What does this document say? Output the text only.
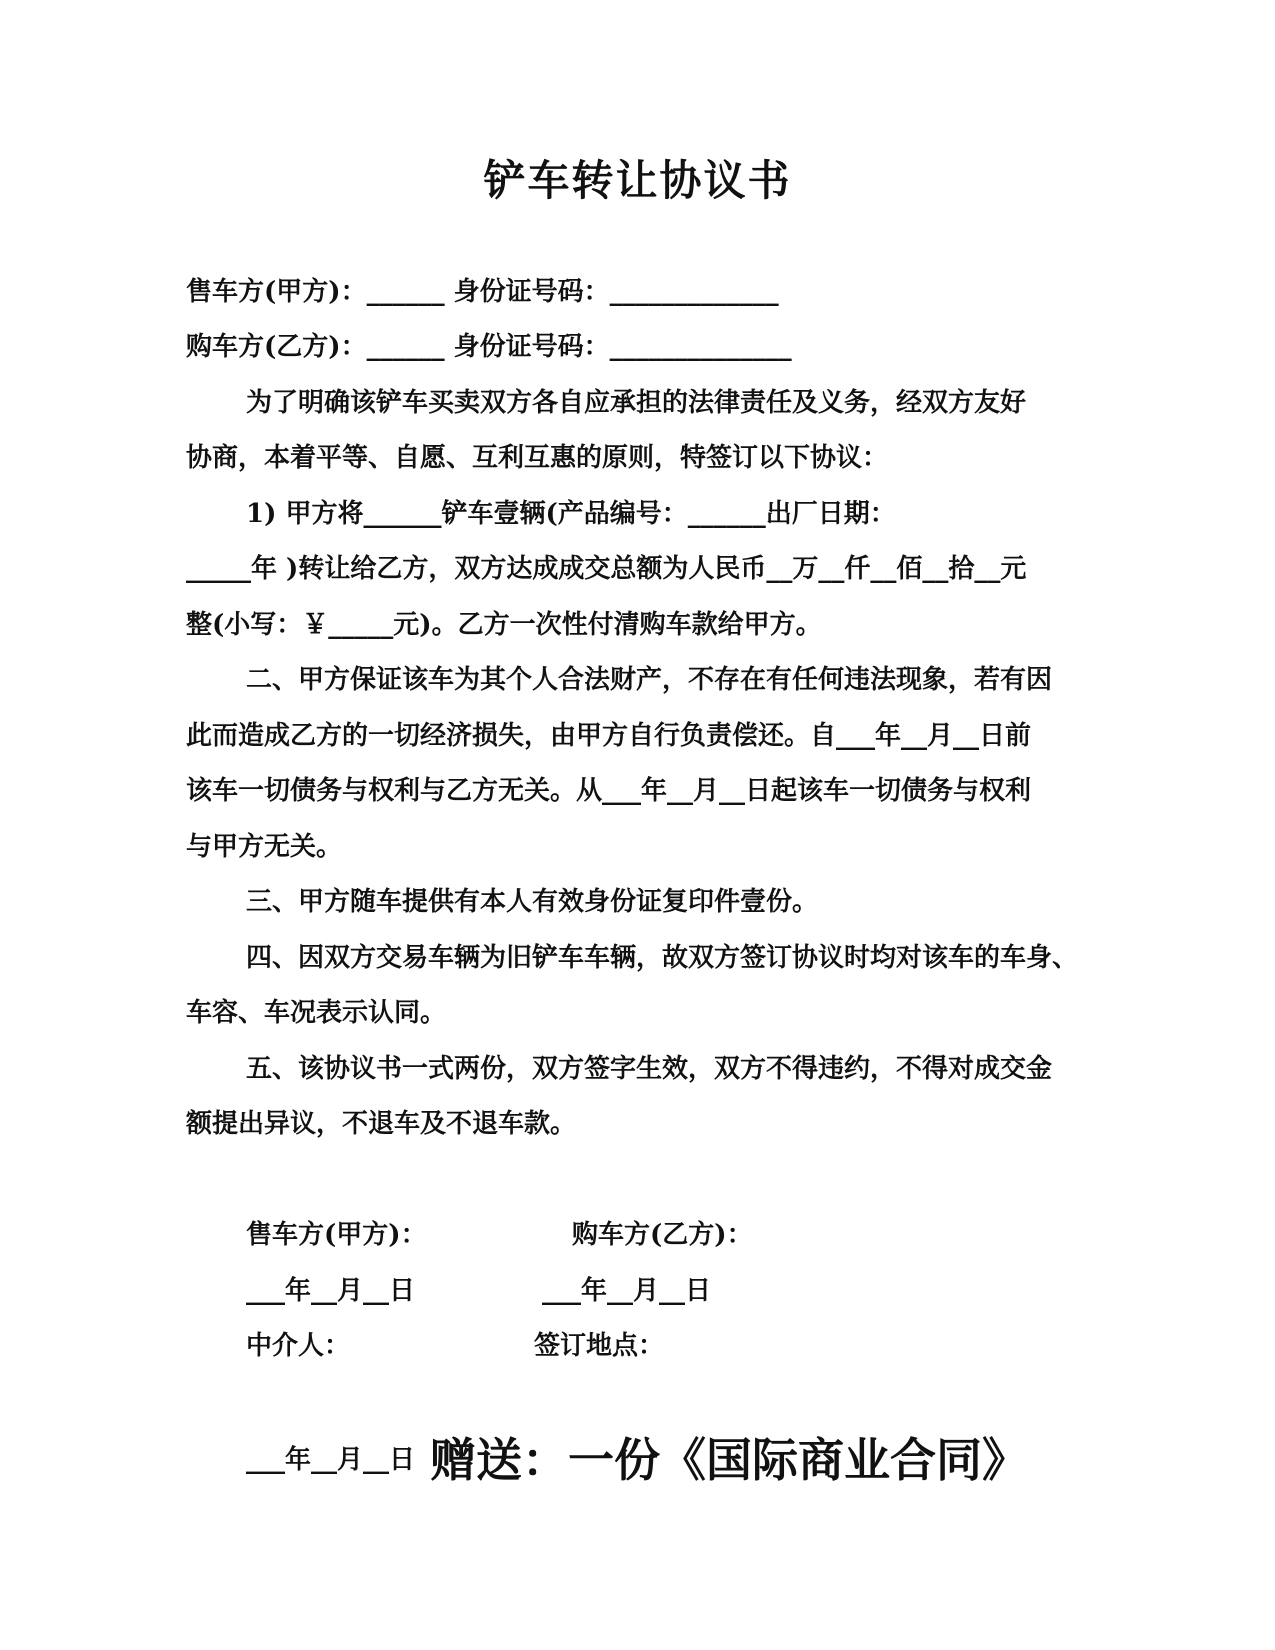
铲车转让协议书
售车方(甲方)：______ 身份证号码：_____________
购车方(乙方)：______ 身份证号码：______________
为了明确该铲车买卖双方各自应承担的法律责任及义务，经双方友好
协商，本着平等、自愿、互利互惠的原则，特签订以下协议：
1) 甲方将______铲车壹辆(产品编号：______出厂日期：
_____年 )转让给乙方，双方达成成交总额为人民币__万__仟__佰__拾__元
整(小写：￥_____元)。乙方一次性付清购车款给甲方。
二、甲方保证该车为其个人合法财产，不存在有任何违法现象，若有因
此而造成乙方的一切经济损失，由甲方自行负责偿还。自___年__月__日前
该车一切债务与权利与乙方无关。从___年__月__日起该车一切债务与权利
与甲方无关。
三、甲方随车提供有本人有效身份证复印件壹份。
四、因双方交易车辆为旧铲车车辆，故双方签订协议时均对该车的车身、
车容、车况表示认同。
五、该协议书一式两份，双方签字生效，双方不得违约，不得对成交金
额提出异议，不退车及不退车款。
售车方(甲方)：	购车方(乙方)：
___年__月__日	___年__月__日
中介人：	签订地点：
___年__月__日 赠送：一份《国际商业合同》
